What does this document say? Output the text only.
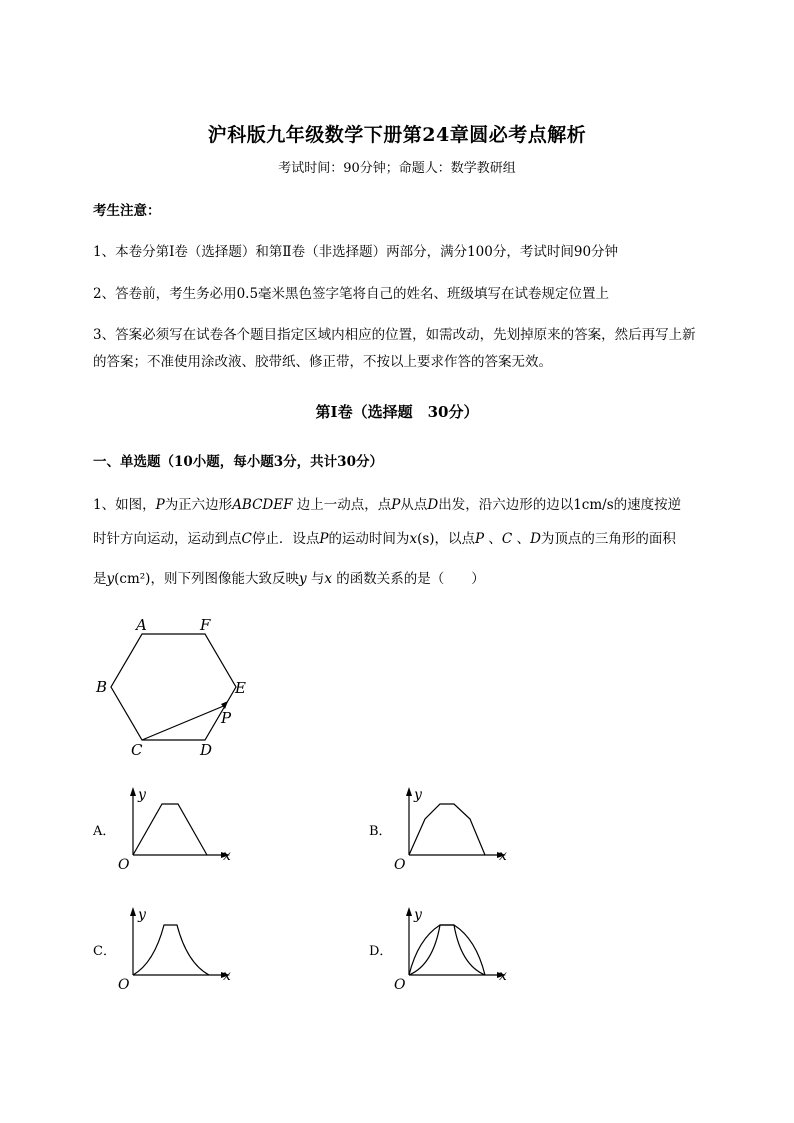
沪科版九年级数学下册第24章圆必考点解析
考试时间：90分钟；命题人：数学教研组
考生注意：
1、本卷分第I卷（选择题）和第Ⅱ卷（非选择题）两部分，满分100分，考试时间90分钟
2、答卷前，考生务必用0.5毫米黑色签字笔将自己的姓名、班级填写在试卷规定位置上
3、答案必须写在试卷各个题目指定区域内相应的位置，如需改动，先划掉原来的答案，然后再写上新
的答案；不准使用涂改液、胶带纸、修正带，不按以上要求作答的答案无效。
第I卷（选择题　30分）
一、单选题（10小题，每小题3分，共计30分）
1、如图，P为正六边形ABCDEF 边上一动点，点P从点D出发，沿六边形的边以1cm/s的速度按逆
时针方向运动，运动到点C停止．设点P的运动时间为x(s)，以点P 、C 、D为顶点的三角形的面积
是y(cm²)，则下列图像能大致反映y 与x 的函数关系的是（　　）
A	F
B	E
C	D
P
A．
y
x
O
B．
y
x
O
C．
y
x
O
D．
y
x
O
